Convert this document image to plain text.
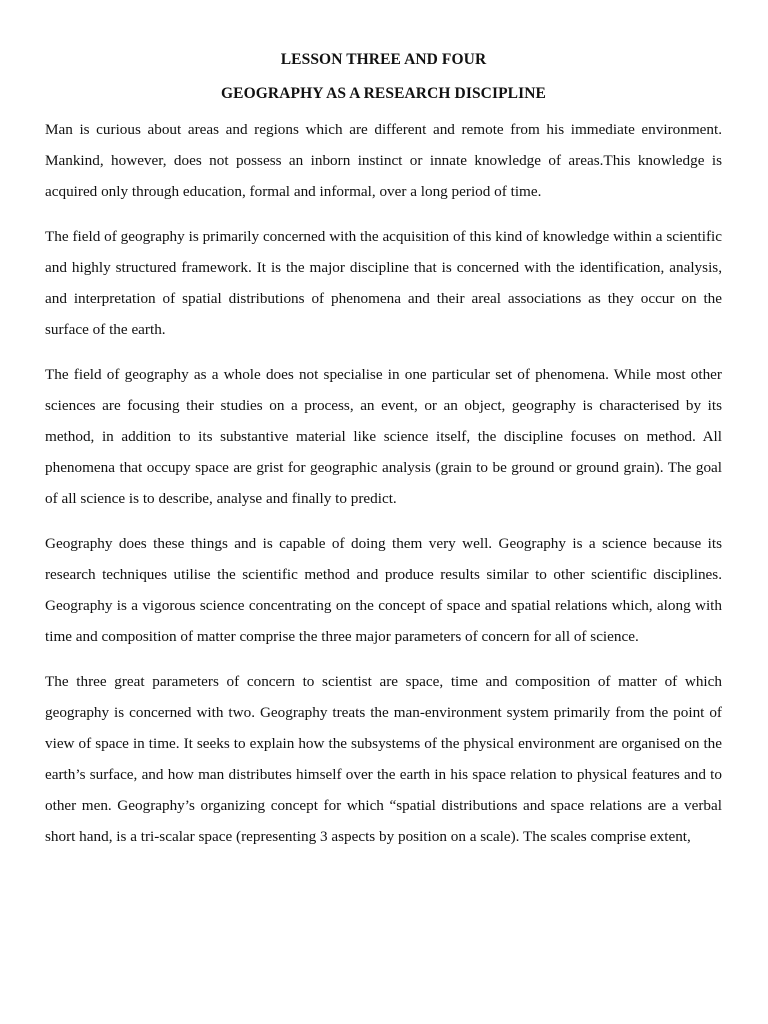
LESSON THREE AND FOUR
GEOGRAPHY AS A RESEARCH DISCIPLINE

Man is curious about areas and regions which are different and remote from his immediate environment. Mankind, however, does not possess an inborn instinct or innate knowledge of areas.This knowledge is acquired only through education, formal and informal, over a long period of time.

The field of geography is primarily concerned with the acquisition of this kind of knowledge within a scientific and highly structured framework. It is the major discipline that is concerned with the identification, analysis, and interpretation of spatial distributions of phenomena and their areal associations as they occur on the surface of the earth.

The field of geography as a whole does not specialise in one particular set of phenomena. While most other sciences are focusing their studies on a process, an event, or an object, geography is characterised by its method, in addition to its substantive material like science itself, the discipline focuses on method. All phenomena that occupy space are grist for geographic analysis (grain to be ground or ground grain). The goal of all science is to describe, analyse and finally to predict.

Geography does these things and is capable of doing them very well. Geography is a science because its research techniques utilise the scientific method and produce results similar to other scientific disciplines. Geography is a vigorous science concentrating on the concept of space and spatial relations which, along with time and composition of matter comprise the three major parameters of concern for all of science.

The three great parameters of concern to scientist are space, time and composition of matter of which geography is concerned with two. Geography treats the man-environment system primarily from the point of view of space in time. It seeks to explain how the subsystems of the physical environment are organised on the earth’s surface, and how man distributes himself over the earth in his space relation to physical features and to other men. Geography’s organizing concept for which “spatial distributions and space relations are a verbal short hand, is a tri-scalar space (representing 3 aspects by position on a scale). The scales comprise extent,
